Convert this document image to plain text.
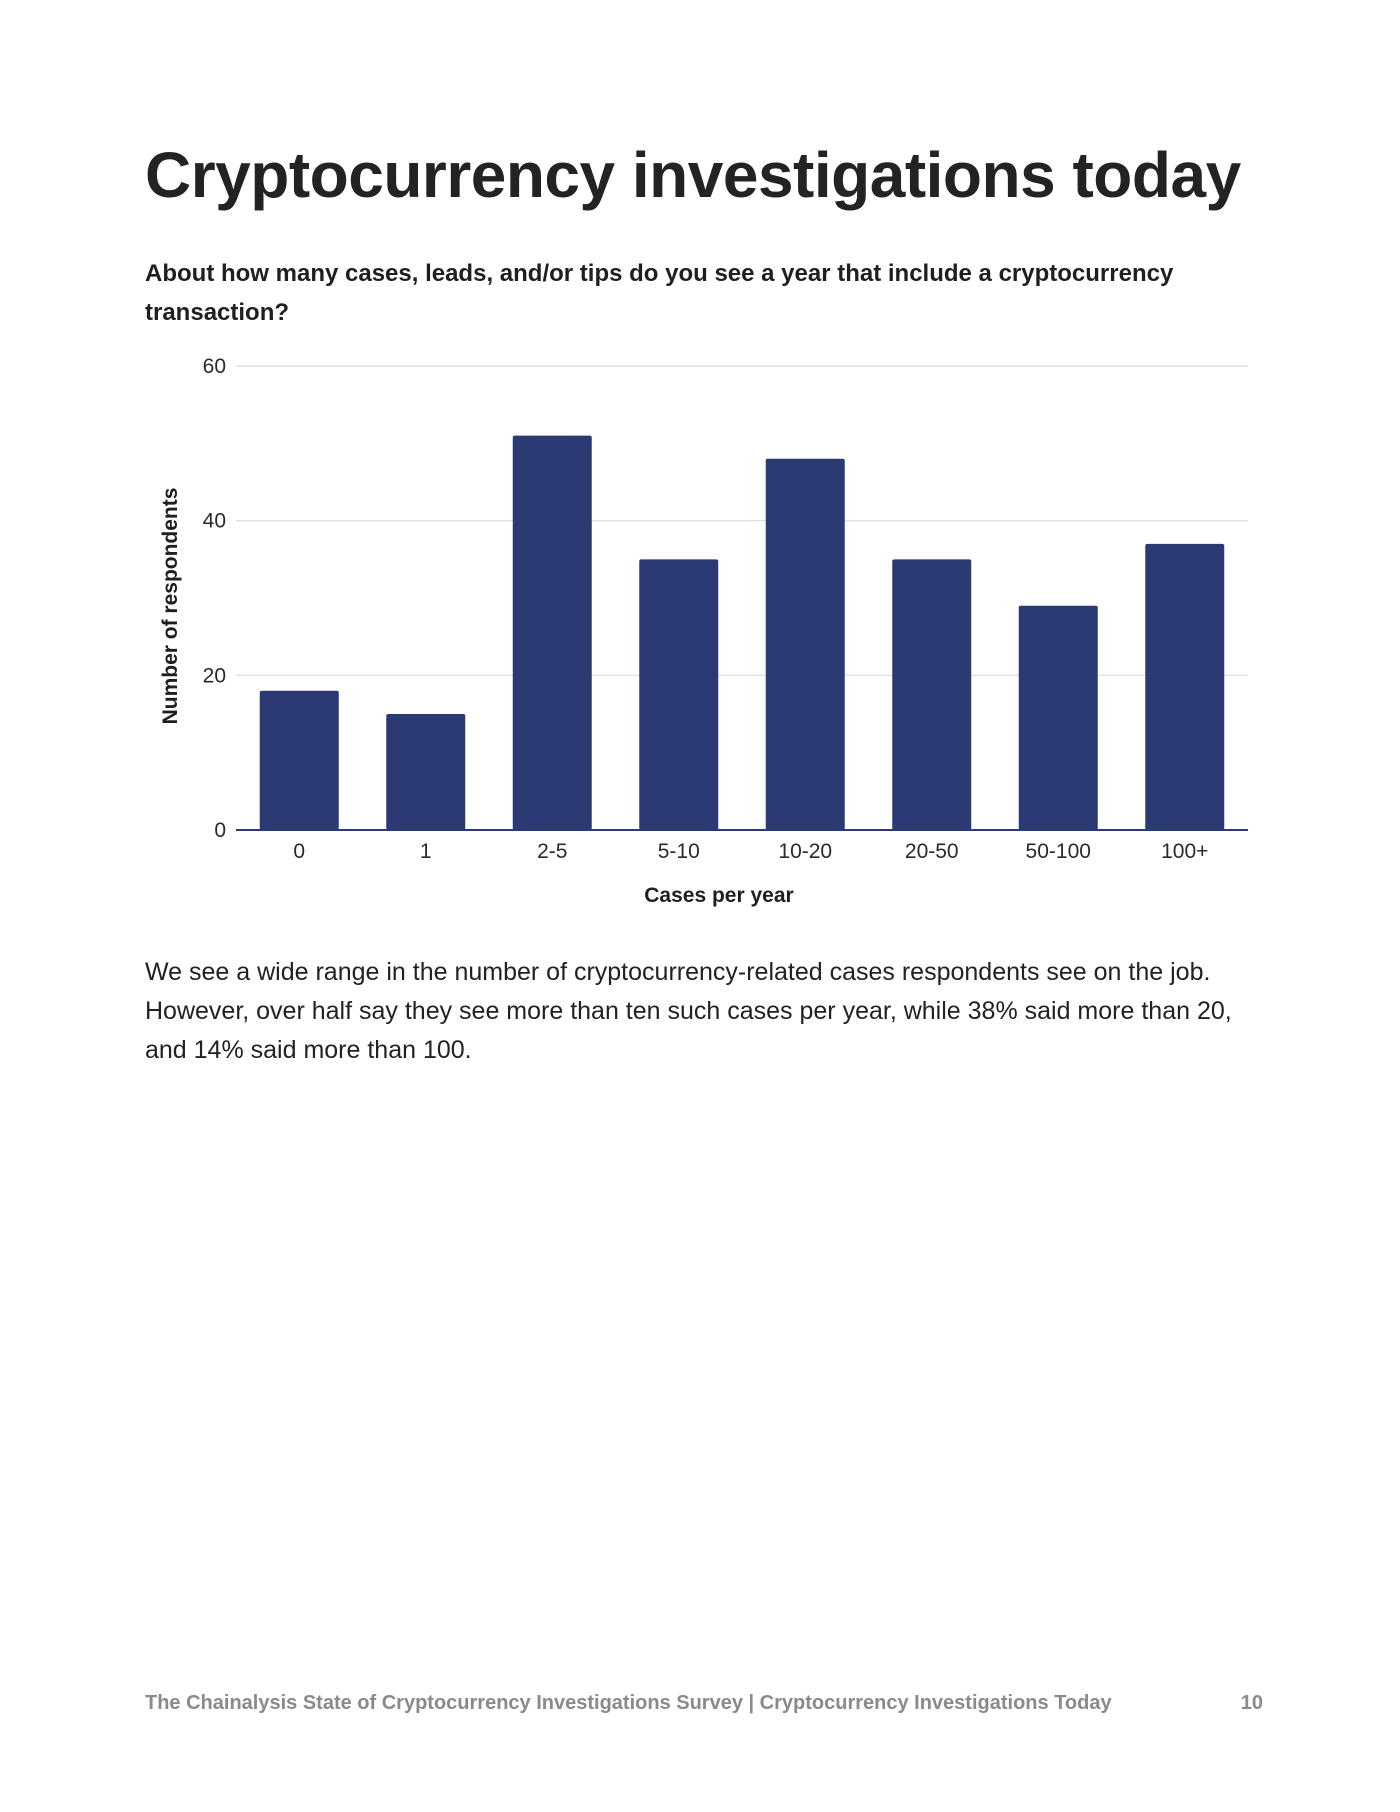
Cryptocurrency investigations today

About how many cases, leads, and/or tips do you see a year that include a cryptocurrency transaction?

0
20
40
60
0	1	2-5	5-10	10-20	20-50	50-100	100+
Cases per year
Number of respondents

We see a wide range in the number of cryptocurrency-related cases respondents see on the job. However, over half say they see more than ten such cases per year, while 38% said more than 20, and 14% said more than 100.

The Chainalysis State of Cryptocurrency Investigations Survey | Cryptocurrency Investigations Today	10
